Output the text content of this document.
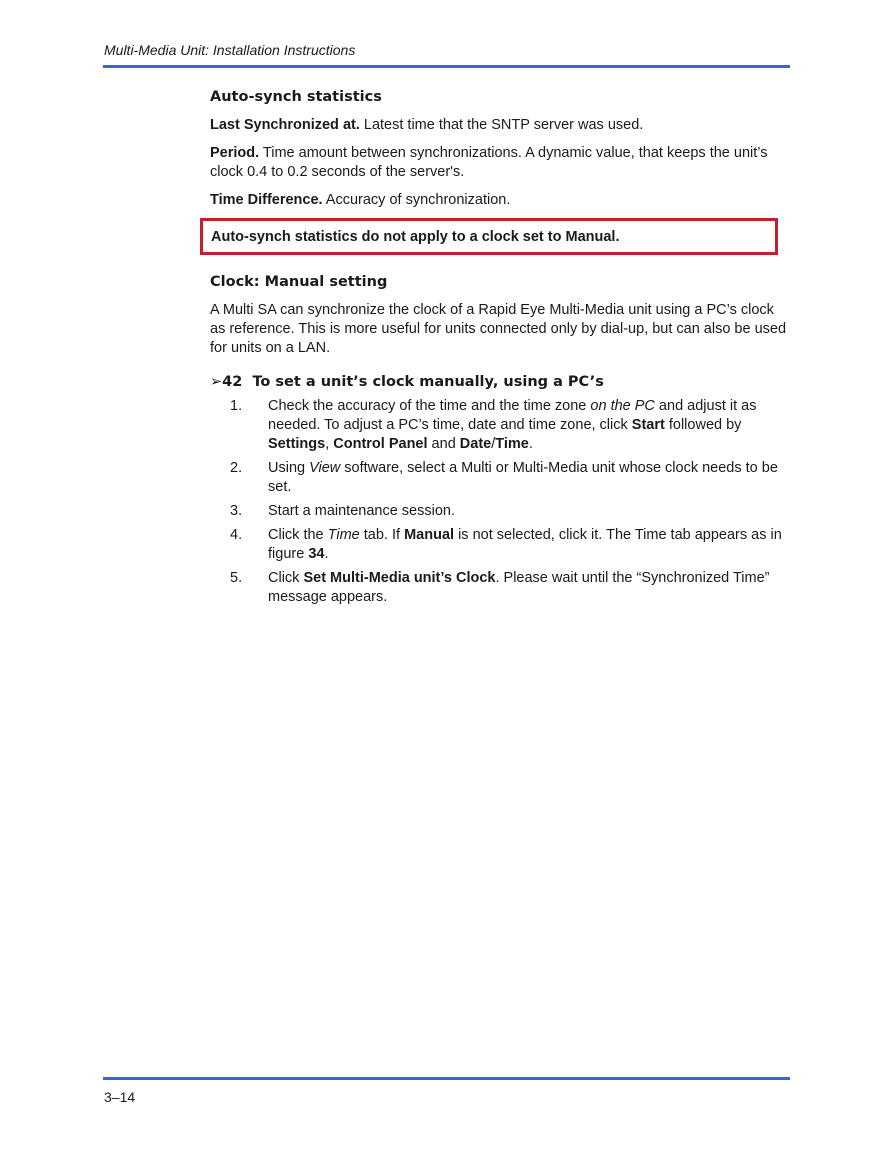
Multi-Media Unit: Installation Instructions
Auto-synch statistics

Last Synchronized at. Latest time that the SNTP server was used.

Period. Time amount between synchronizations. A dynamic value, that keeps the unit’s clock 0.4 to 0.2 seconds of the server's.

Time Difference. Accuracy of synchronization.

Auto-synch statistics do not apply to a clock set to Manual.
Clock: Manual setting

A Multi SA can synchronize the clock of a Rapid Eye Multi-Media unit using a PC’s clock as reference. This is more useful for units connected only by dial-up, but can also be used for units on a LAN.

➢42 To set a unit’s clock manually, using a PC’s
1. Check the accuracy of the time and the time zone on the PC and adjust it as needed. To adjust a PC’s time, date and time zone, click Start followed by Settings, Control Panel and Date/Time.
2. Using View software, select a Multi or Multi-Media unit whose clock needs to be set.
3. Start a maintenance session.
4. Click the Time tab. If Manual is not selected, click it. The Time tab appears as in figure 34.
5. Click Set Multi-Media unit’s Clock. Please wait until the “Synchronized Time” message appears.
3–14
